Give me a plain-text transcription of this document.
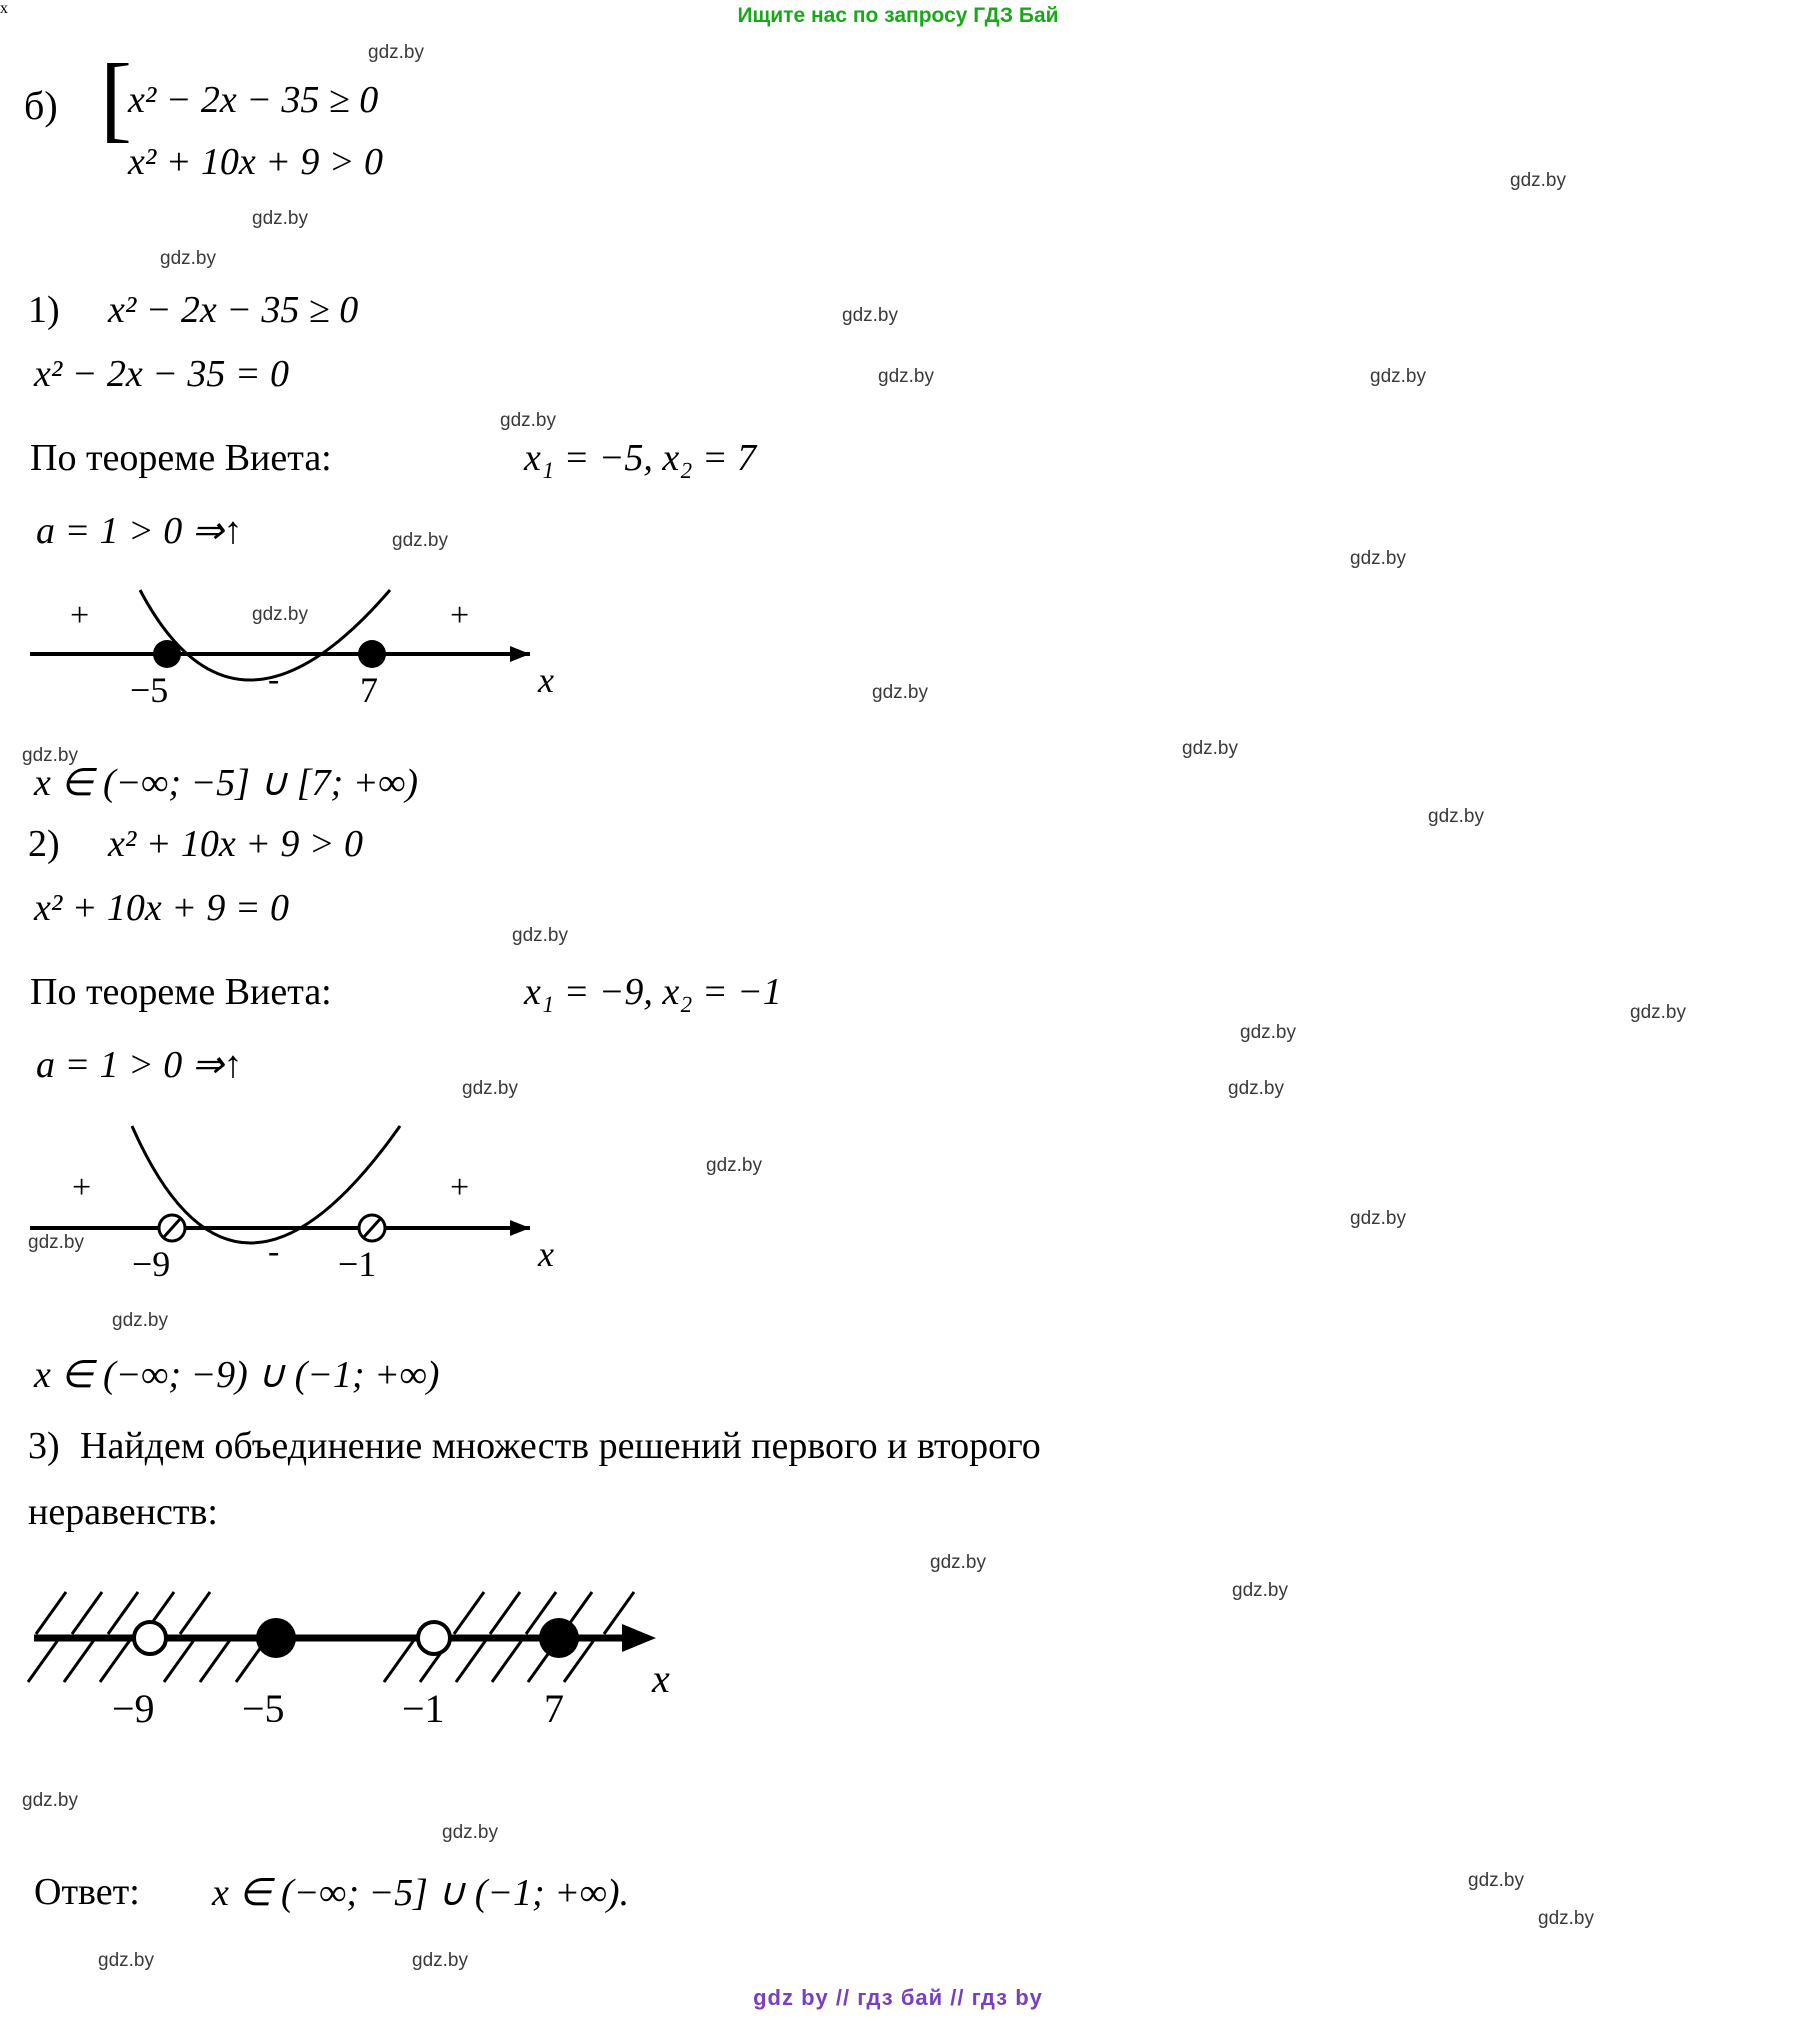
Ищите нас по запросу ГДЗ Бай
gdz.by
gdz.by
gdz.by
gdz.by
gdz.by
gdz.by	gdz.by
gdz.by
gdz.by
gdz.by
gdz.by
gdz.by
gdz.by	gdz.by
gdz.by
gdz.by
gdz.by
gdz.by
gdz.by	gdz.by
gdz.by
gdz.by
gdz.by
gdz.by
gdz.by
gdz.by
gdz.by
gdz.by
gdz.by
gdz.by
gdz.by	gdz.by
б) [
x² − 2x − 35 ≥ 0
x² + 10x + 9 > 0
1) x² − 2x − 35 ≥ 0
x² − 2x − 35 = 0
По теореме Виета:	x₁ = −5, x₂ = 7
a = 1 > 0 ⇒↑
+	+
-
−5	7	x
x
x ∈ (−∞; −5] ∪ [7; +∞)
2) x² + 10x + 9 > 0
x² + 10x + 9 = 0
По теореме Виета:	x₁ = −9, x₂ = −1
a = 1 > 0 ⇒↑
+	+
-
−9	−1	x
x ∈ (−∞; −9) ∪ (−1; +∞)
3) Найдем объединение множеств решений первого и второго
неравенств:
−9 −5	−1 7
x
Ответ: x ∈ (−∞; −5] ∪ (−1; +∞).
gdz by // гдз бай // гдз by
